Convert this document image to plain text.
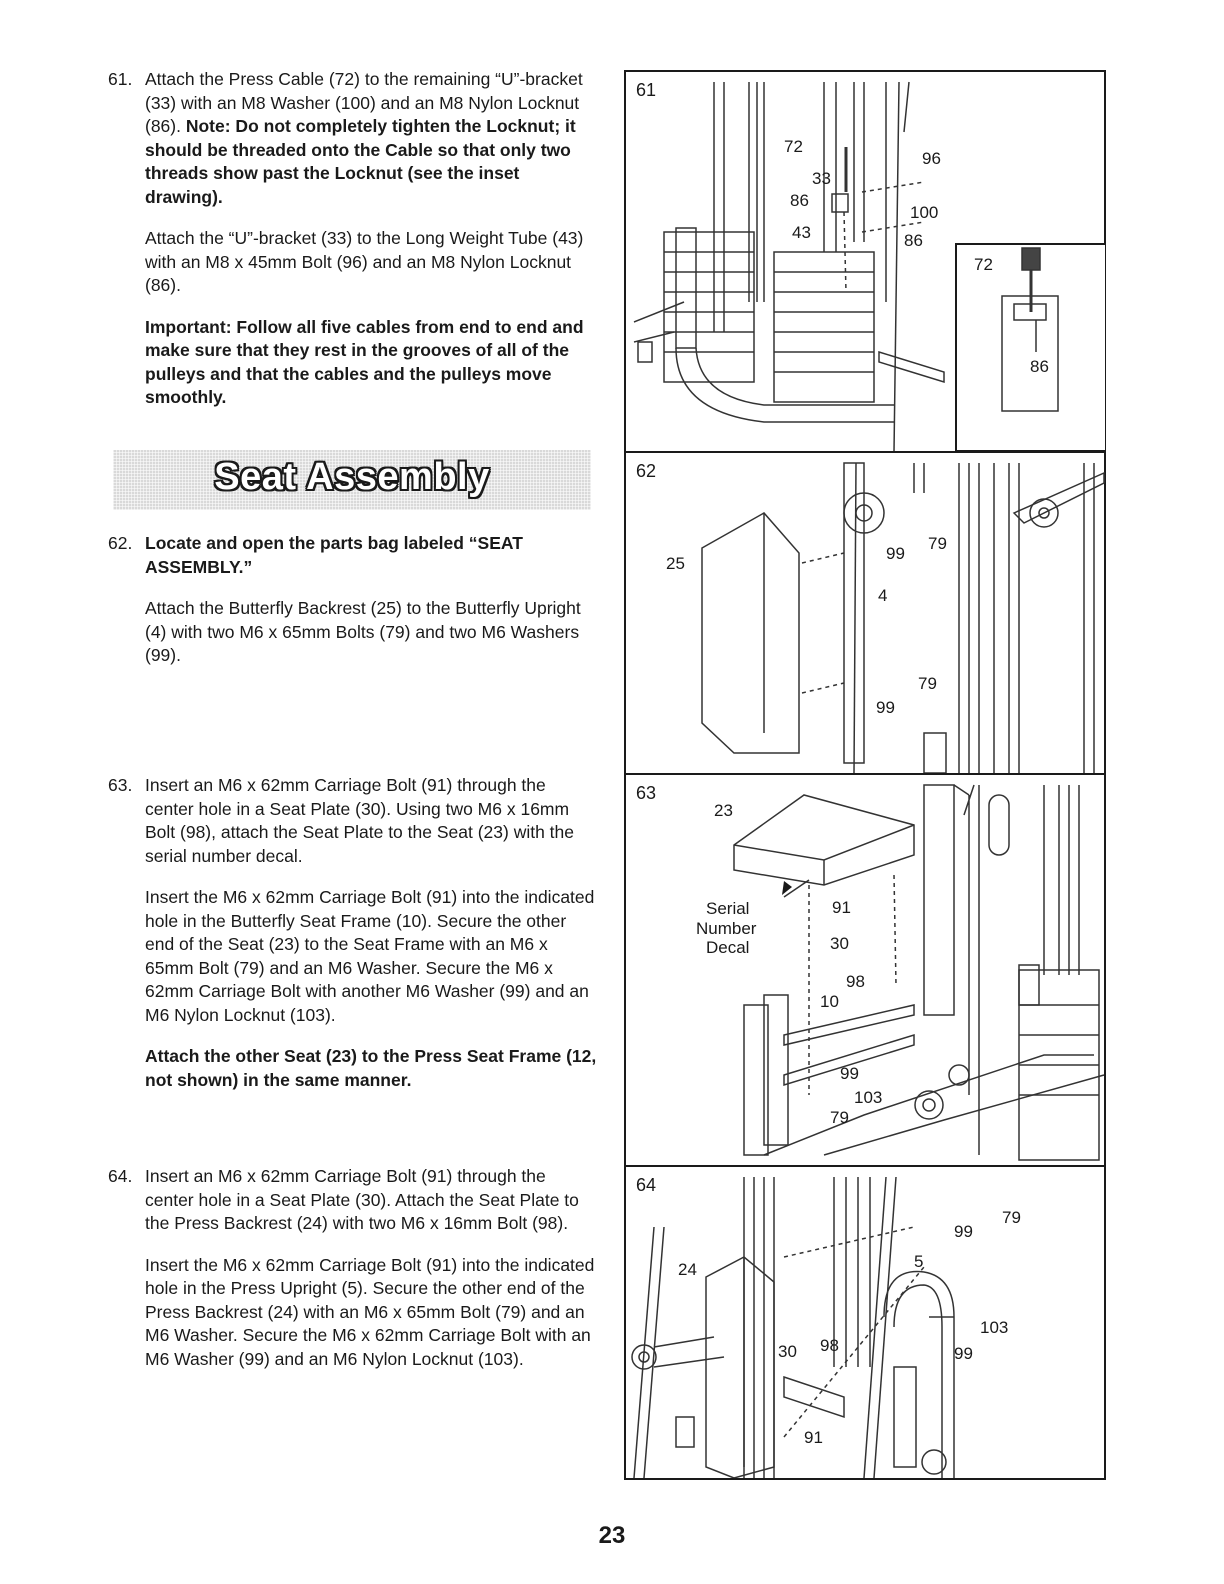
61. Attach the Press Cable (72) to the remaining “U”-bracket (33) with an M8 Washer (100) and an M8 Nylon Locknut (86). Note: Do not completely tighten the Locknut; it should be threaded onto the Cable so that only two threads show past the Locknut (see the inset drawing).

Attach the “U”-bracket (33) to the Long Weight Tube (43) with an M8 x 45mm Bolt (96) and an M8 Nylon Locknut (86).

Important: Follow all five cables from end to end and make sure that they rest in the grooves of all of the pulleys and that the cables and the pulleys move smoothly.

62. Locate and open the parts bag labeled “SEAT ASSEMBLY.”

Attach the Butterfly Backrest (25) to the Butterfly Upright (4) with two M6 x 65mm Bolts (79) and two M6 Washers (99).

63. Insert an M6 x 62mm Carriage Bolt (91) through the center hole in a Seat Plate (30). Using two M6 x 16mm Bolt (98), attach the Seat Plate to the Seat (23) with the serial number decal.

Insert the M6 x 62mm Carriage Bolt (91) into the indicated hole in the Butterfly Seat Frame (10). Secure the other end of the Seat (23) to the Seat Frame with an M6 x 65mm Bolt (79) and an M6 Washer. Secure the M6 x 62mm Carriage Bolt with another M6 Washer (99) and an M6 Nylon Locknut (103).

Attach the other Seat (23) to the Press Seat Frame (12, not shown) in the same manner.

64. Insert an M6 x 62mm Carriage Bolt (91) through the center hole in a Seat Plate (30). Attach the Seat Plate to the Press Backrest (24) with two M6 x 16mm Bolt (98).

Insert the M6 x 62mm Carriage Bolt (91) into the indicated hole in the Press Upright (5). Secure the other end of the Press Backrest (24) with an M6 x 65mm Bolt (79) and an M6 Washer. Secure the M6 x 62mm Carriage Bolt with an M6 Washer (99) and an M6 Nylon Locknut (103).

Seat Assembly
61
72
96
33
86
100
43	86
72
86
62
25
99
79
4
79
99
63
23
Serial
Number
Decal
91
30
98
10
99
103
79
64
79
99
5
24
103
99
30 98
91
23
